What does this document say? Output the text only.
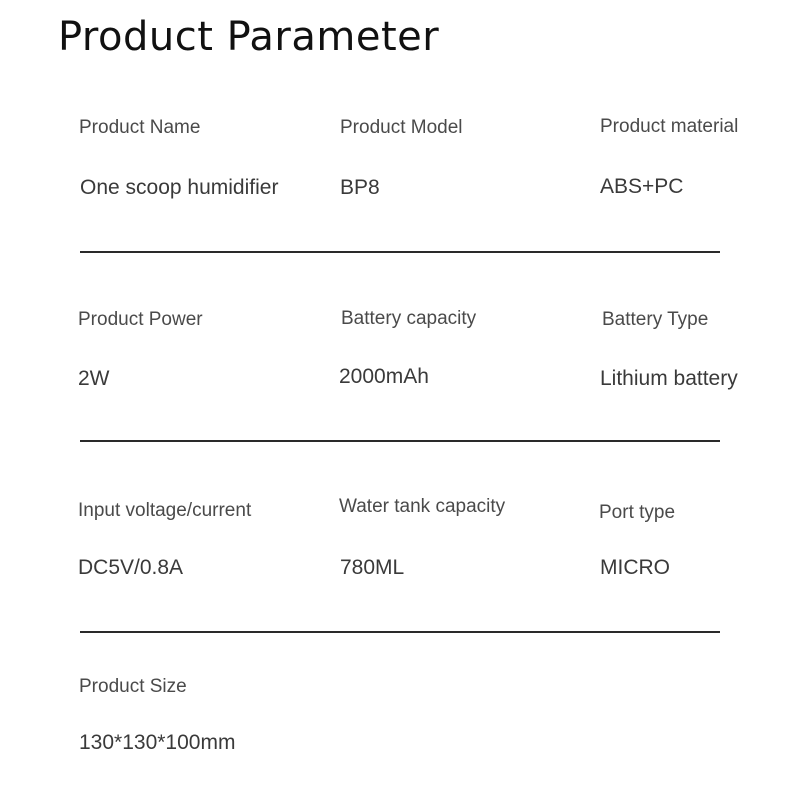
Product Parameter
Product Name
One scoop humidifier
Product Model
BP8
Product material
ABS+PC
Product Power
2W
Battery capacity
2000mAh
Battery Type
Lithium battery
Input voltage/current
DC5V/0.8A
Water tank capacity
780ML
Port type
MICRO
Product Size
130*130*100mm
